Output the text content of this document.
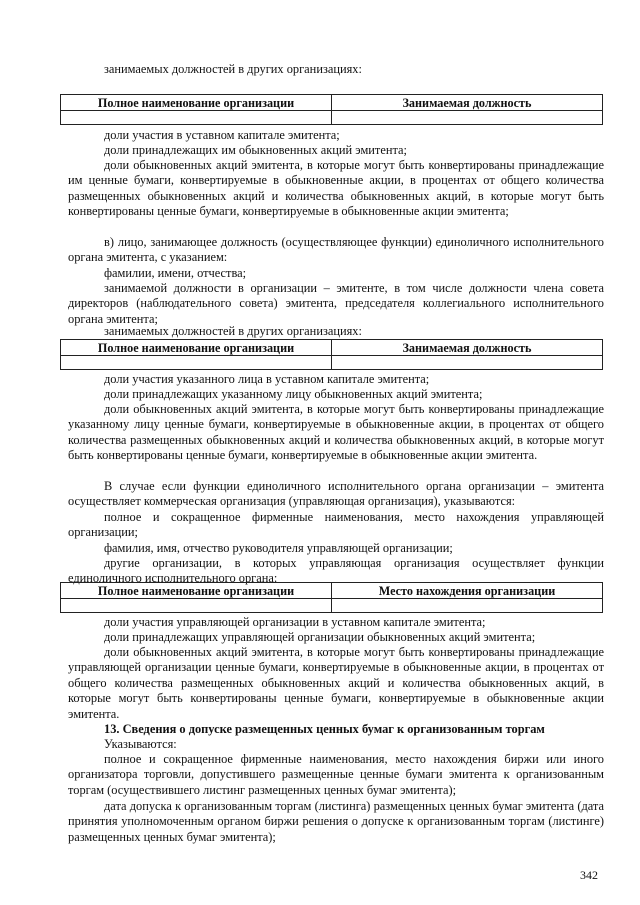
занимаемых должностей в других организациях:

Полное наименование организации	Занимаемая должность

доли участия в уставном капитале эмитента;

доли принадлежащих им обыкновенных акций эмитента;

доли обыкновенных акций эмитента, в которые могут быть конвертированы принадлежащие им ценные бумаги, конвертируемые в обыкновенные акции, в процентах от общего количества размещенных обыкновенных акций и количества обыкновенных акций, в которые могут быть конвертированы ценные бумаги, конвертируемые в обыкновенные акции эмитента;

в) лицо, занимающее должность (осуществляющее функции) единоличного исполнительного органа эмитента, с указанием:

фамилии, имени, отчества;

занимаемой должности в организации – эмитенте, в том числе должности члена совета директоров (наблюдательного совета) эмитента, председателя коллегиального исполнительного органа эмитента;

занимаемых должностей в других организациях:

Полное наименование организации	Занимаемая должность

доли участия указанного лица в уставном капитале эмитента;

доли принадлежащих указанному лицу обыкновенных акций эмитента;

доли обыкновенных акций эмитента, в которые могут быть конвертированы принадлежащие указанному лицу ценные бумаги, конвертируемые в обыкновенные акции, в процентах от общего количества размещенных обыкновенных акций и количества обыкновенных акций, в которые могут быть конвертированы ценные бумаги, конвертируемые в обыкновенные акции эмитента.

В случае если функции единоличного исполнительного органа организации – эмитента осуществляет коммерческая организация (управляющая организация), указываются:

полное и сокращенное фирменные наименования, место нахождения управляющей организации;

фамилия, имя, отчество руководителя управляющей организации;

другие организации, в которых управляющая организация осуществляет функции единоличного исполнительного органа:

Полное наименование организации	Место нахождения организации

доли участия управляющей организации в уставном капитале эмитента;

доли принадлежащих управляющей организации обыкновенных акций эмитента;

доли обыкновенных акций эмитента, в которые могут быть конвертированы принадлежащие управляющей организации ценные бумаги, конвертируемые в обыкновенные акции, в процентах от общего количества размещенных обыкновенных акций и количества обыкновенных акций, в которые могут быть конвертированы ценные бумаги, конвертируемые в обыкновенные акции эмитента.

13. Сведения о допуске размещенных ценных бумаг к организованным торгам

Указываются:

полное и сокращенное фирменные наименования, место нахождения биржи или иного организатора торговли, допустившего размещенные ценные бумаги эмитента к организованным торгам (осуществившего листинг размещенных ценных бумаг эмитента);

дата допуска к организованным торгам (листинга) размещенных ценных бумаг эмитента (дата принятия уполномоченным органом биржи решения о допуске к организованным торгам (листинге) размещенных ценных бумаг эмитента);

342
